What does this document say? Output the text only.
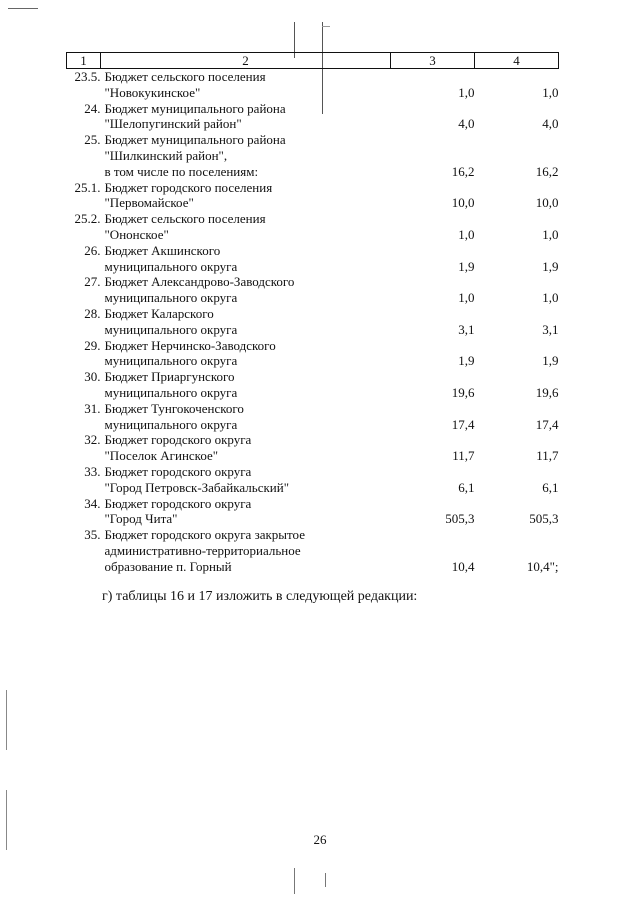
1	2	3	4
23.5.	Бюджет сельского поселения
"Новокукинское"	1,0	1,0
24.	Бюджет муниципального района
"Шелопугинский район"	4,0	4,0
25.	Бюджет муниципального района
"Шилкинский район",
в том числе по поселениям:	16,2	16,2
25.1.	Бюджет городского поселения
"Первомайское"	10,0	10,0
25.2.	Бюджет сельского поселения
"Ононское"	1,0	1,0
26.	Бюджет Акшинского
муниципального округа	1,9	1,9
27.	Бюджет Александрово-Заводского
муниципального округа	1,0	1,0
28.	Бюджет Каларского
муниципального округа	3,1	3,1
29.	Бюджет Нерчинско-Заводского
муниципального округа	1,9	1,9
30.	Бюджет Приаргунского
муниципального округа	19,6	19,6
31.	Бюджет Тунгокоченского
муниципального округа	17,4	17,4
32.	Бюджет городского округа
"Поселок Агинское"	11,7	11,7
33.	Бюджет городского округа
"Город Петровск-Забайкальский"	6,1	6,1
34.	Бюджет городского округа
"Город Чита"	505,3	505,3
35.	Бюджет городского округа закрытое
административно-территориальное
образование п. Горный	10,4	10,4";
г) таблицы 16 и 17 изложить в следующей редакции:
26
